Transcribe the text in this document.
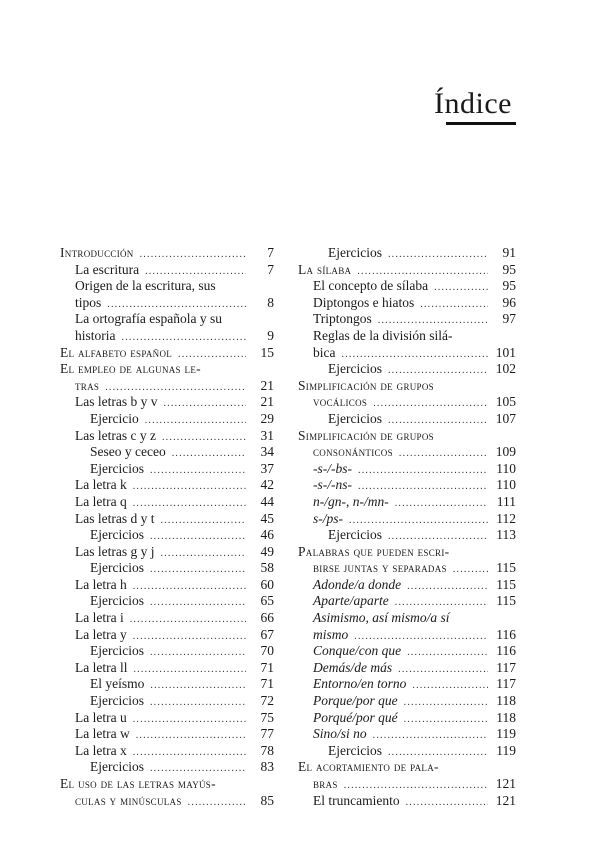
Índice
Introducción .....	7
La escritura .....	7
Origen de la escritura, sus
tipos .....	8
La ortografía española y su
historia .....	9
El alfabeto español .....	15
El empleo de algunas le-
tras .....	21
Las letras b y v .....	21
Ejercicio .....	29
Las letras c y z .....	31
Seseo y ceceo .....	34
Ejercicios .....	37
La letra k .....	42
La letra q .....	44
Las letras d y t .....	45
Ejercicios .....	46
Las letras g y j .....	49
Ejercicios .....	58
La letra h .....	60
Ejercicios .....	65
La letra i .....	66
La letra y .....	67
Ejercicios .....	70
La letra ll .....	71
El yeísmo .....	71
Ejercicios .....	72
La letra u .....	75
La letra w .....	77
La letra x .....	78
Ejercicios .....	83
El uso de las letras mayús-
culas y minúsculas .....	85
Ejercicios .....	91
La sílaba .....	95
El concepto de sílaba .....	95
Diptongos e hiatos .....	96
Triptongos .....	97
Reglas de la división silá-
bica .....	101
Ejercicios .....	102
Simplificación de grupos
vocálicos .....	105
Ejercicios .....	107
Simplificación de grupos
consonánticos .....	109
-s-/-bs- .....	110
-s-/-ns- .....	110
n-/gn-, n-/mn- .....	111
s-/ps- .....	112
Ejercicios .....	113
Palabras que pueden escri-
birse juntas y separadas .....	115
Adonde/a donde .....	115
Aparte/aparte .....	115
Asimismo, así mismo/a sí
mismo .....	116
Conque/con que .....	116
Demás/de más .....	117
Entorno/en torno .....	117
Porque/por que .....	118
Porqué/por qué .....	118
Sino/si no .....	119
Ejercicios .....	119
El acortamiento de pala-
bras .....	121
El truncamiento .....	121
